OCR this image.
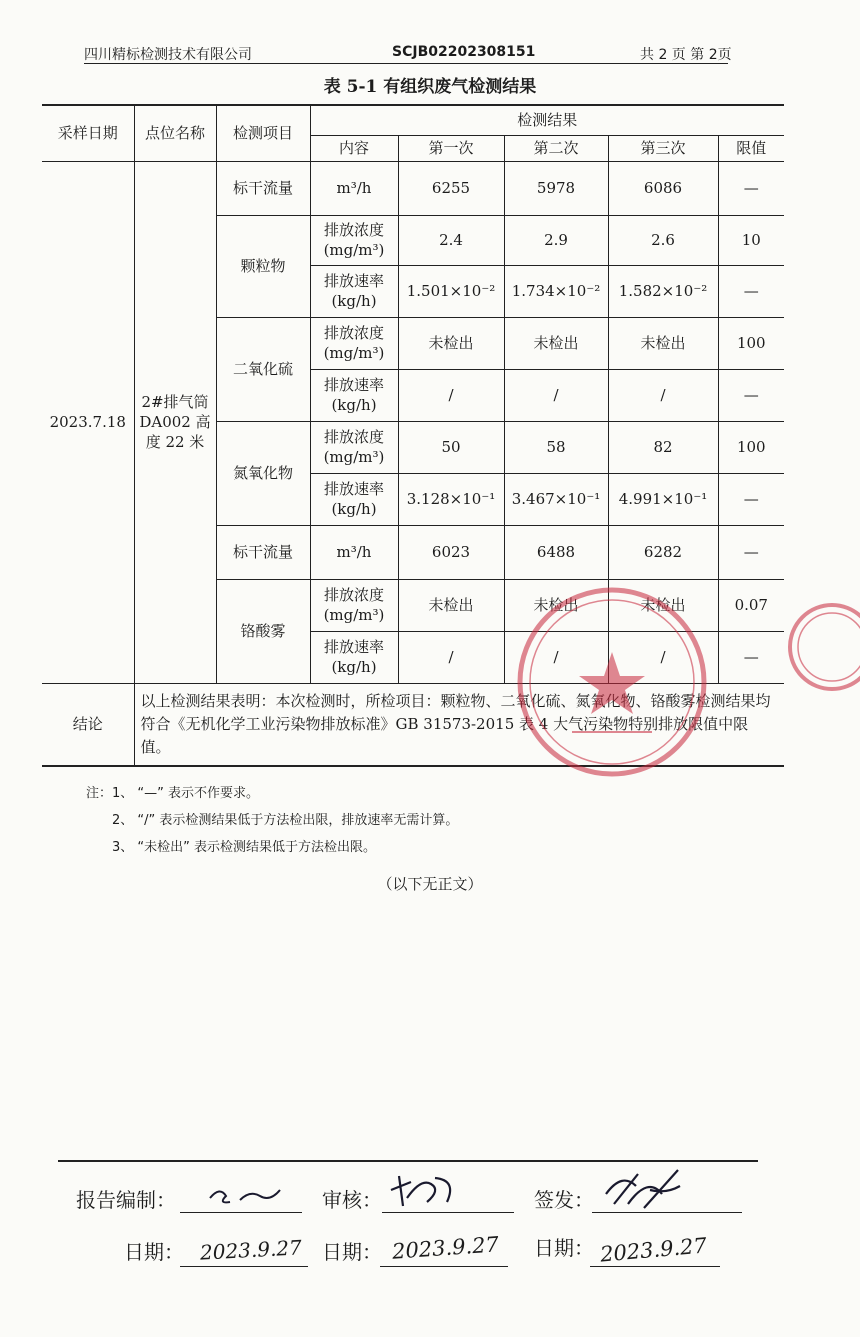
四川精标检测技术有限公司	SCJB02202308151	共 2 页 第 2页
表 5-1 有组织废气检测结果
采样日期	点位名称	检测项目	检测结果				
			内容	第一次	第二次	第三次	限值
2023.7.18	2#排气筒 DA002 高度 22 米	标干流量	m³/h	6255	5978	6086	—
		颗粒物	排放浓度(mg/m³)	2.4	2.9	2.6	10
			排放速率(kg/h)	1.501×10⁻²	1.734×10⁻²	1.582×10⁻²	—
		二氧化硫	排放浓度(mg/m³)	未检出	未检出	未检出	100
			排放速率(kg/h)	/	/	/	—
		氮氧化物	排放浓度(mg/m³)	50	58	82	100
			排放速率(kg/h)	3.128×10⁻¹	3.467×10⁻¹	4.991×10⁻¹	—
		标干流量	m³/h	6023	6488	6282	—
		铬酸雾	排放浓度(mg/m³)	未检出	未检出	未检出	0.07
			排放速率(kg/h)	/	/	/	—
结论	以上检测结果表明：本次检测时，所检项目：颗粒物、二氧化硫、氮氧化物、铬酸雾检测结果均符合《无机化学工业污染物排放标准》GB 31573-2015 表 4 大气污染物特别排放限值中限值。						
注：1、 “—” 表示不作要求。
2、 “/” 表示检测结果低于方法检出限，排放速率无需计算。
3、 “未检出” 表示检测结果低于方法检出限。
（以下无正文）
报告编制：	审核：	签发：
日期： 2023.9.27 日期： 2023.9.27 日期： 2023.9.27
